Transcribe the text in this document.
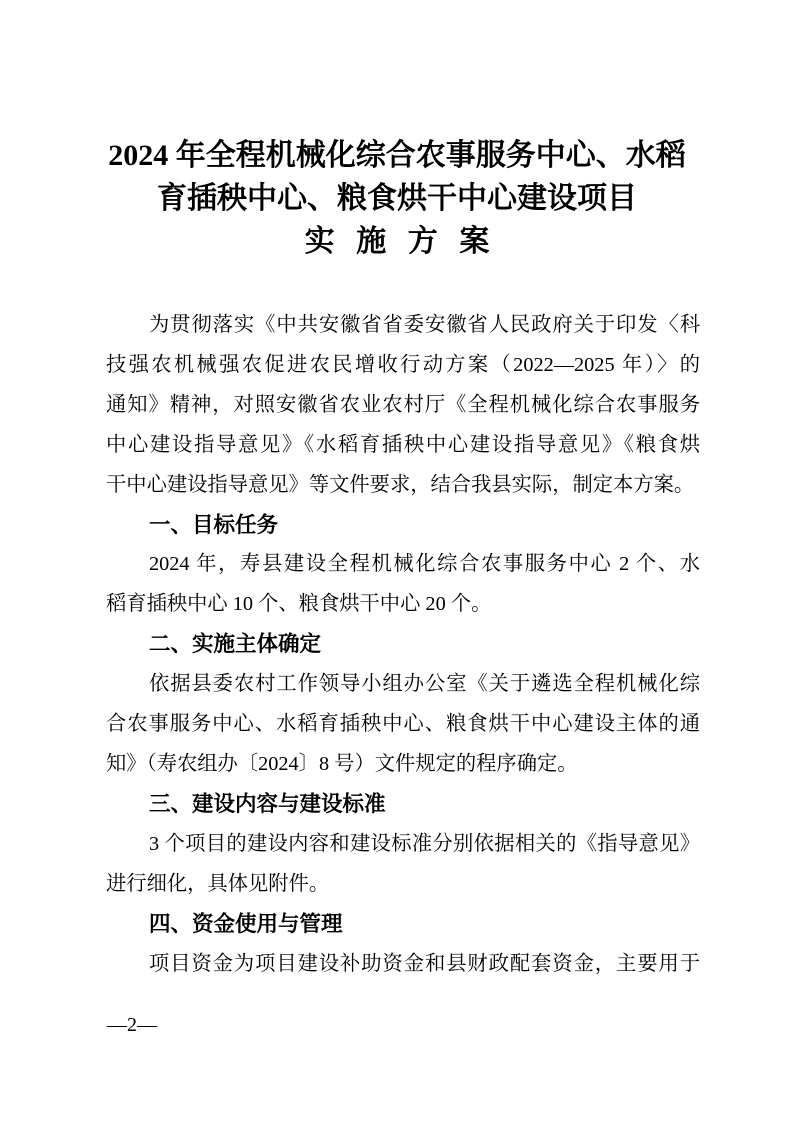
2024 年全程机械化综合农事服务中心、水稻
育插秧中心、粮食烘干中心建设项目
实施方案
为贯彻落实《中共安徽省省委安徽省人民政府关于印发〈科
技强农机械强农促进农民增收行动方案（2022—2025 年）〉的
通知》精神，对照安徽省农业农村厅《全程机械化综合农事服务
中心建设指导意见》《水稻育插秧中心建设指导意见》《粮食烘
干中心建设指导意见》等文件要求，结合我县实际，制定本方案。
一、目标任务
2024 年，寿县建设全程机械化综合农事服务中心 2 个、水
稻育插秧中心 10 个、粮食烘干中心 20 个。
二、实施主体确定
依据县委农村工作领导小组办公室《关于遴选全程机械化综
合农事服务中心、水稻育插秧中心、粮食烘干中心建设主体的通
知》（寿农组办〔2024〕8 号）文件规定的程序确定。
三、建设内容与建设标准
3 个项目的建设内容和建设标准分别依据相关的《指导意见》
进行细化，具体见附件。
四、资金使用与管理
项目资金为项目建设补助资金和县财政配套资金，主要用于
—2—
